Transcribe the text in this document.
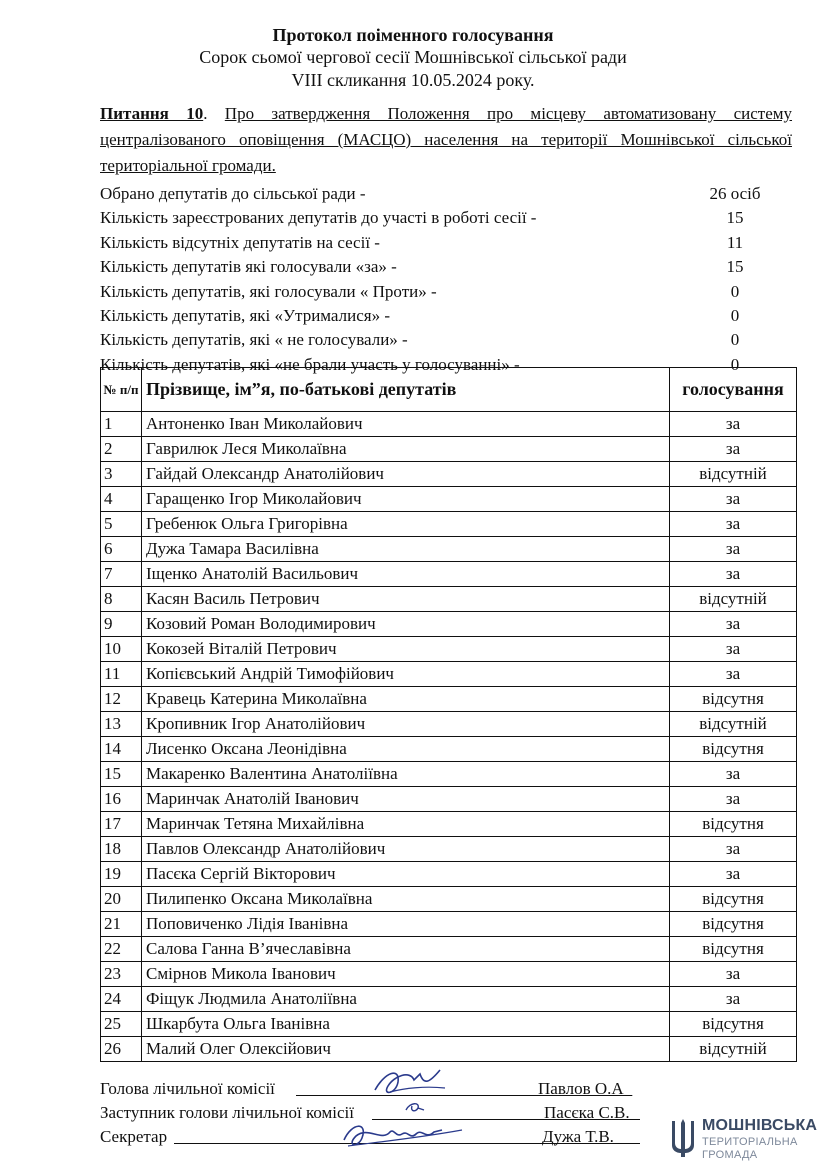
Протокол поіменного голосування
Сорок сьомої чергової сесії Мошнівської сільської ради
VIII скликання 10.05.2024 року.
Питання 10. Про затвердження Положення про місцеву автоматизовану систему централізованого оповіщення (МАСЦО) населення на території Мошнівської сільської територіальної громади.
Обрано депутатів до сільської ради -	26 осіб
Кількість зареєстрованих депутатів до участі в роботі сесії -	15
Кількість відсутніх депутатів на сесії -	11
Кількість депутатів які голосували «за» -	15
Кількість депутатів, які голосували « Проти» -	0
Кількість депутатів, які «Утрималися» -	0
Кількість депутатів, які « не голосували» -	0
Кількість депутатів, які «не брали участь у голосуванні» -	0
№ п/п	Прізвище, ім”я, по-батькові депутатів	голосування
1	Антоненко Іван Миколайович	за
2	Гаврилюк Леся Миколаївна	за
3	Гайдай Олександр Анатолійович	відсутній
4	Гаращенко Ігор Миколайович	за
5	Гребенюк Ольга Григорівна	за
6	Дужа Тамара Василівна	за
7	Іщенко Анатолій Васильович	за
8	Касян Василь Петрович	відсутній
9	Козовий Роман Володимирович	за
10	Кокозей Віталій Петрович	за
11	Копієвський Андрій Тимофійович	за
12	Кравець Катерина Миколаївна	відсутня
13	Кропивник Ігор Анатолійович	відсутній
14	Лисенко Оксана Леонідівна	відсутня
15	Макаренко Валентина Анатоліївна	за
16	Маринчак Анатолій Іванович	за
17	Маринчак Тетяна Михайлівна	відсутня
18	Павлов Олександр Анатолійович	за
19	Пасєка Сергій Вікторович	за
20	Пилипенко Оксана Миколаївна	відсутня
21	Поповиченко Лідія Іванівна	відсутня
22	Салова Ганна В’ячеславівна	відсутня
23	Смірнов Микола Іванович	за
24	Фіщук Людмила Анатоліївна	за
25	Шкарбута Ольга Іванівна	відсутня
26	Малий Олег Олексійович	відсутній
Голова лічильної комісії	Павлов О.А_
Заступник голови лічильної комісії	Пасєка С.В._
Секретар	Дужа Т.В._
МОШНІВСЬКА
ТЕРИТОРІАЛЬНА
ГРОМАДА
